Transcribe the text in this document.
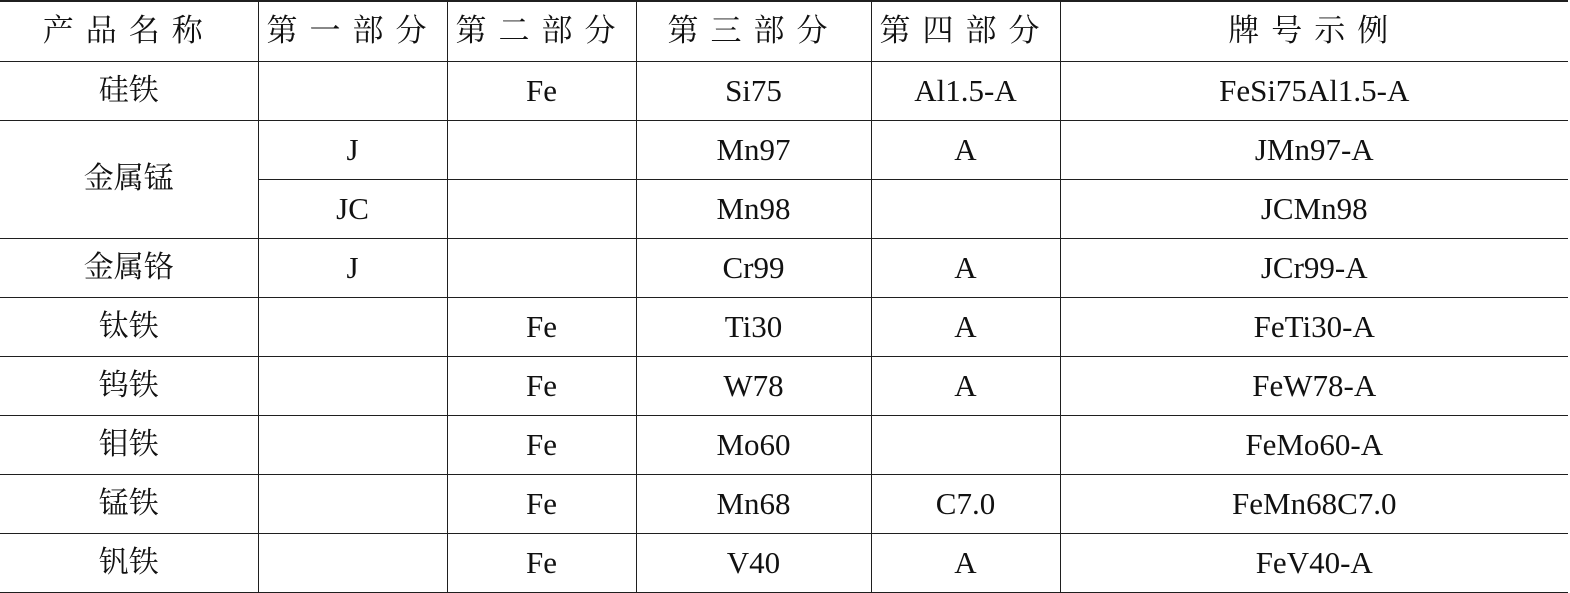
产品名称	第一部分	第二部分	第三部分	第四部分	牌号示例
硅铁		Fe	Si75	Al1.5-A	FeSi75Al1.5-A
金属锰	J		Mn97	A	JMn97-A
	JC		Mn98		JCMn98
金属铬	J		Cr99	A	JCr99-A
钛铁		Fe	Ti30	A	FeTi30-A
钨铁		Fe	W78	A	FeW78-A
钼铁		Fe	Mo60		FeMo60-A
锰铁		Fe	Mn68	C7.0	FeMn68C7.0
钒铁		Fe	V40	A	FeV40-A
